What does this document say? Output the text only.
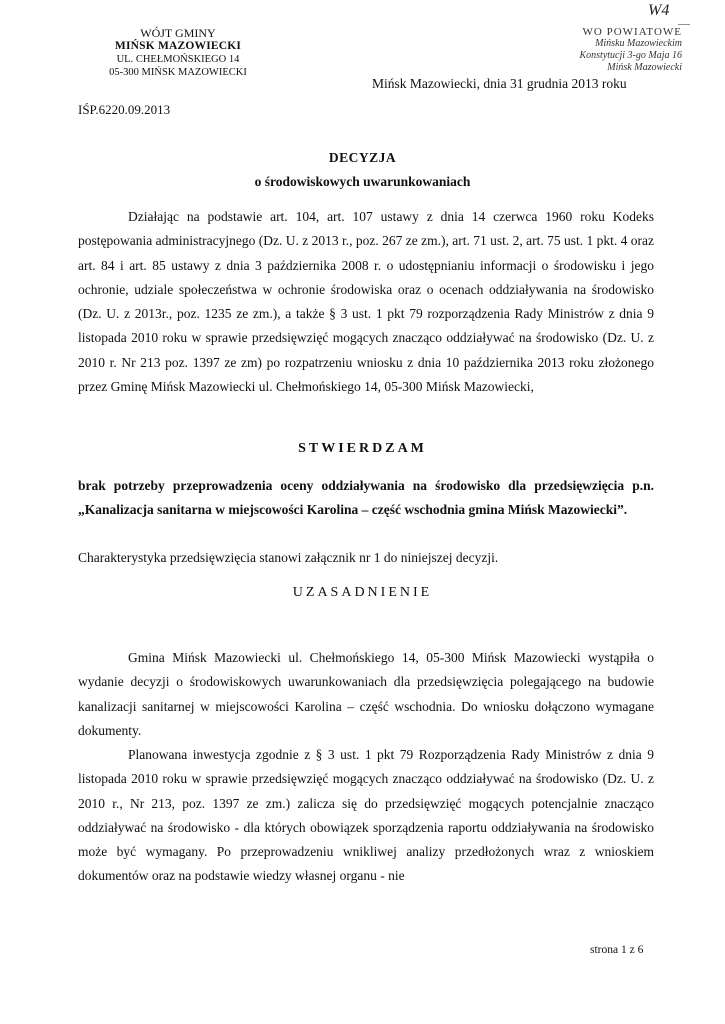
W4
—
WÓJT GMINY
MIŃSK MAZOWIECKI
UL. CHEŁMOŃSKIEGO 14
05-300 MIŃSK MAZOWIECKI
WO POWIATOWE
Mińsku Mazowieckim
Konstytucji 3-go Maja 16
Mińsk Mazowiecki
Mińsk Mazowiecki, dnia 31 grudnia 2013 roku
IŚP.6220.09.2013
DECYZJA
o środowiskowych uwarunkowaniach

Działając na podstawie art. 104, art. 107 ustawy z dnia 14 czerwca 1960 roku Kodeks postępowania administracyjnego (Dz. U. z 2013 r., poz. 267 ze zm.), art. 71 ust. 2, art. 75 ust. 1 pkt. 4 oraz art. 84 i art. 85 ustawy z dnia 3 października 2008 r. o udostępnianiu informacji o środowisku i jego ochronie, udziale społeczeństwa w ochronie środowiska oraz o ocenach oddziaływania na środowisko (Dz. U. z 2013r., poz. 1235 ze zm.), a także § 3 ust. 1 pkt 79 rozporządzenia Rady Ministrów z dnia 9 listopada 2010 roku w sprawie przedsięwzięć mogących znacząco oddziaływać na środowisko (Dz. U. z 2010 r. Nr 213 poz. 1397 ze zm) po rozpatrzeniu wniosku z dnia 10 października 2013 roku złożonego przez Gminę Mińsk Mazowiecki ul. Chełmońskiego 14, 05-300 Mińsk Mazowiecki,

STWIERDZAM

brak potrzeby przeprowadzenia oceny oddziaływania na środowisko dla przedsięwzięcia p.n. „Kanalizacja sanitarna w miejscowości Karolina – część wschodnia gmina Mińsk Mazowiecki”.

Charakterystyka przedsięwzięcia stanowi załącznik nr 1 do niniejszej decyzji.

UZASADNIENIE

Gmina Mińsk Mazowiecki ul. Chełmońskiego 14, 05-300 Mińsk Mazowiecki wystąpiła o wydanie decyzji o środowiskowych uwarunkowaniach dla przedsięwzięcia polegającego na budowie kanalizacji sanitarnej w miejscowości Karolina – część wschodnia. Do wniosku dołączono wymagane dokumenty.

Planowana inwestycja zgodnie z § 3 ust. 1 pkt 79 Rozporządzenia Rady Ministrów z dnia 9 listopada 2010 roku w sprawie przedsięwzięć mogących znacząco oddziaływać na środowisko (Dz. U. z 2010 r., Nr 213, poz. 1397 ze zm.) zalicza się do przedsięwzięć mogących potencjalnie znacząco oddziaływać na środowisko - dla których obowiązek sporządzenia raportu oddziaływania na środowisko może być wymagany. Po przeprowadzeniu wnikliwej analizy przedłożonych wraz z wnioskiem dokumentów oraz na podstawie wiedzy własnej organu - nie

strona 1 z 6
